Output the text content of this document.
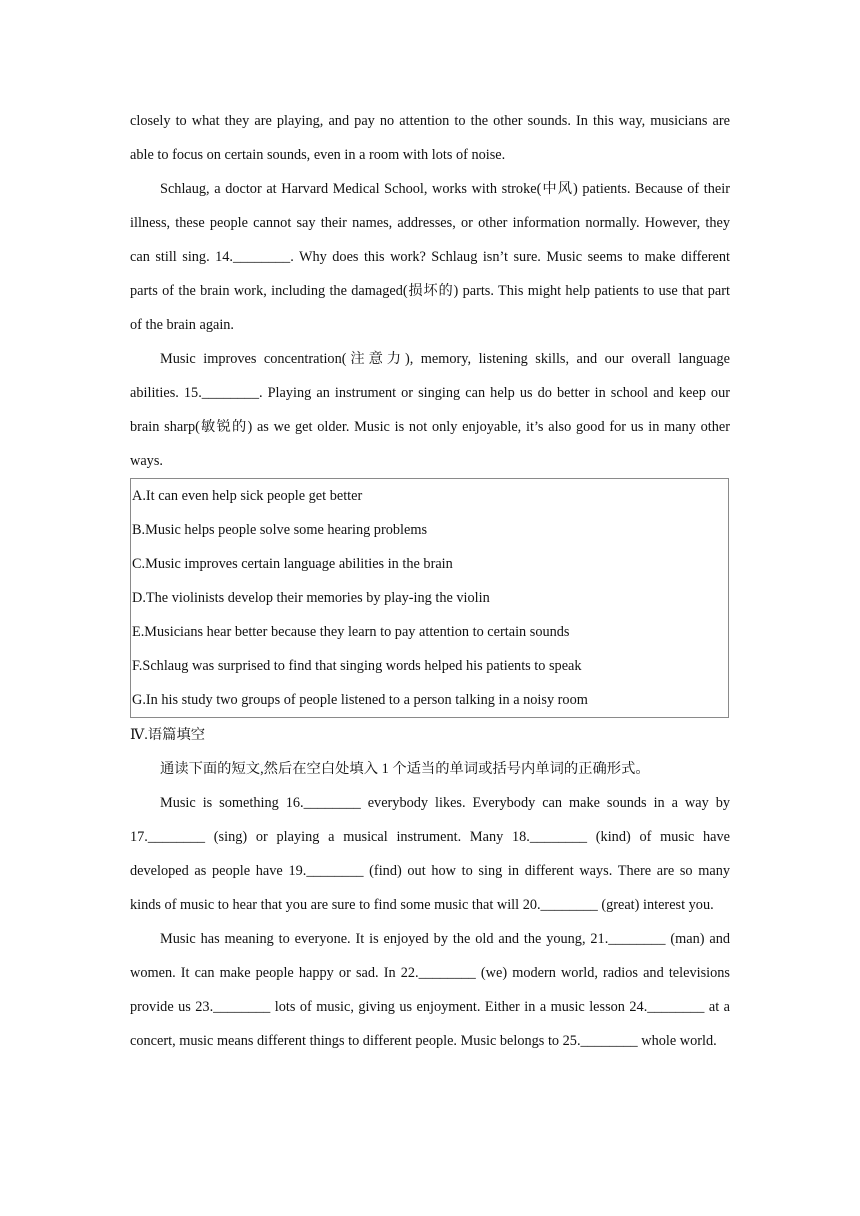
closely to what they are playing, and pay no attention to the other sounds. In this way, musicians are able to focus on certain sounds, even in a room with lots of noise.

Schlaug, a doctor at Harvard Medical School, works with stroke(中风) patients. Because of their illness, these people cannot say their names, addresses, or other information normally. However, they can still sing. 14.________. Why does this work? Schlaug isn’t sure. Music seems to make different parts of the brain work, including the damaged(损坏的) parts. This might help patients to use that part of the brain again.

Music improves concentration(注意力), memory, listening skills, and our overall language abilities. 15.________. Playing an instrument or singing can help us do better in school and keep our brain sharp(敏锐的) as we get older. Music is not only enjoyable, it’s also good for us in many other ways.

A.It can even help sick people get better

B.Music helps people solve some hearing problems

C.Music improves certain language abilities in the brain

D.The violinists develop their memories by play-ing the violin

E.Musicians hear better because they learn to pay attention to certain sounds

F.Schlaug was surprised to find that singing words helped his patients to speak

G.In his study two groups of people listened to a person talking in a noisy room

Ⅳ.语篇填空

通读下面的短文,然后在空白处填入 1 个适当的单词或括号内单词的正确形式。

Music is something 16.________ everybody likes. Everybody can make sounds in a way by 17.________ (sing) or playing a musical instrument. Many 18.________ (kind) of music have developed as people have 19.________ (find) out how to sing in different ways. There are so many kinds of music to hear that you are sure to find some music that will 20.________ (great) interest you.

Music has meaning to everyone. It is enjoyed by the old and the young, 21.________ (man) and women. It can make people happy or sad. In 22.________ (we) modern world, radios and televisions provide us 23.________ lots of music, giving us enjoyment. Either in a music lesson 24.________ at a concert, music means different things to different people. Music belongs to 25.________ whole world.
